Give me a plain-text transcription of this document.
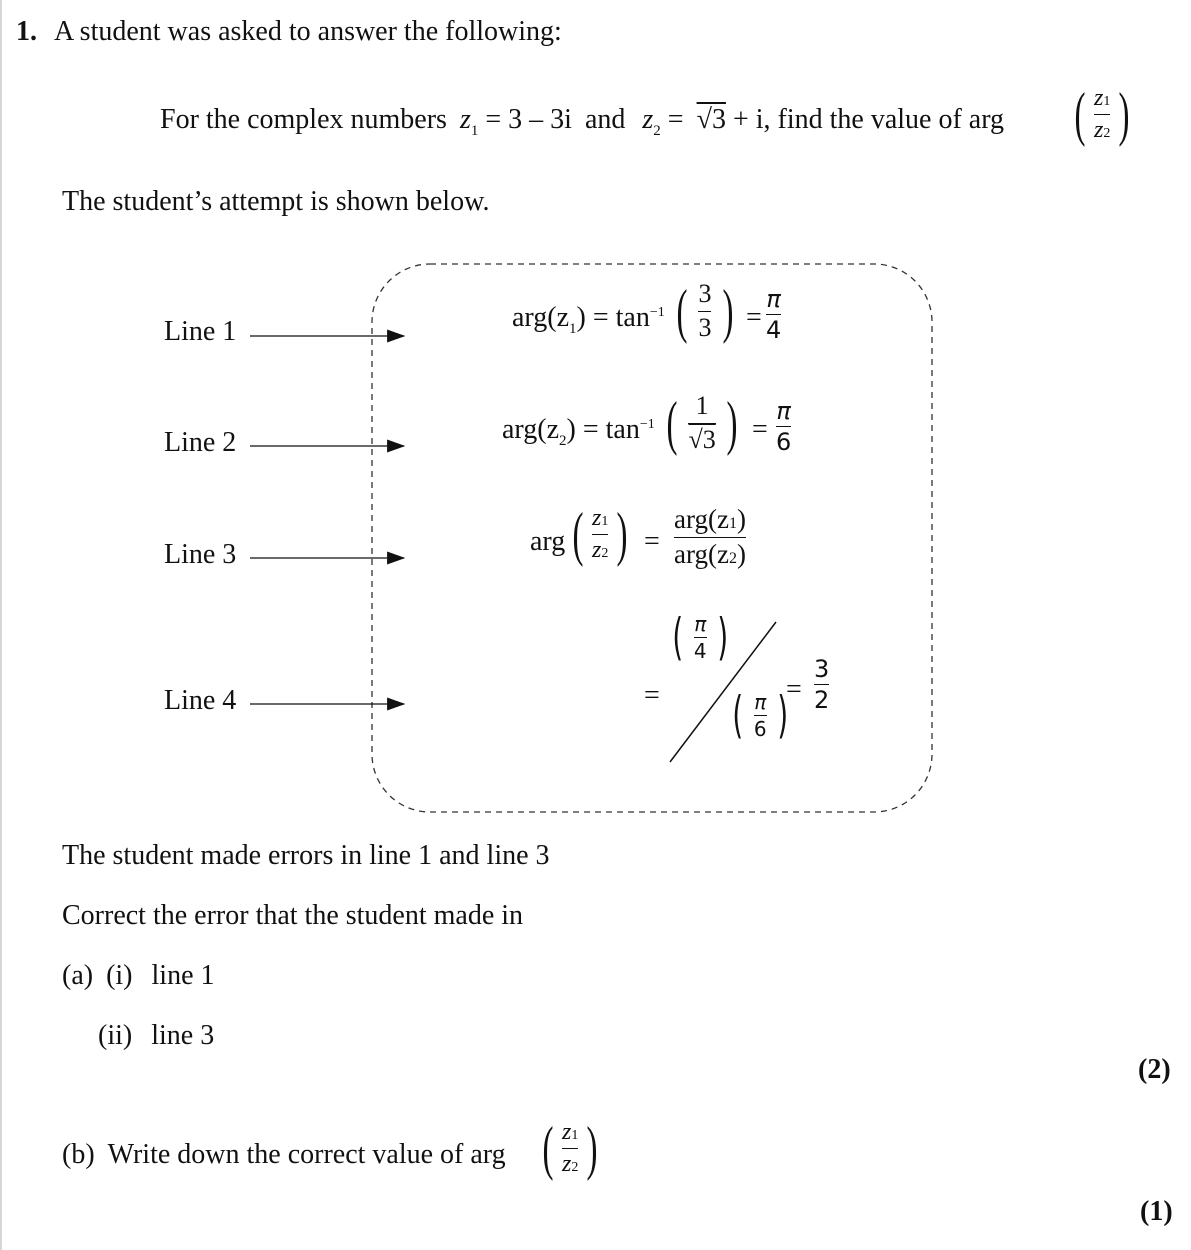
1. A student was asked to answer the following:
For the complex numbers $z_1 = 3 - 3i$ and $z_2 = √3 + i$, find the value of arg ( $\frac{z1}{z2}$ )
The student’s attempt is shown below.
Line 1
Line 2
Line 3
Line 4
$arg(z_1) = \tan^{-1}$ ( $\frac{3}{3}$ ) = $\frac{\pi}{4}$
$arg(z_2) = \tan^{-1}$ ( $\frac{1}{√3}$ ) = $\frac{\pi}{6}$
arg ( $\frac{z1}{z2}$ ) = $\frac{\text{arg(z1)}}{\text{arg(z2)}}$
=
( $\frac{\pi}{4}$ )
( $\frac{\pi}{6}$ )
= $\frac{3}{2}$
The student made errors in line 1 and line 3
Correct the error that the student made in
(a) (i) line 1
(ii) line 3
(2)
(b) Write down the correct value of arg ( $\frac{z1}{z2}$ )
(1)
